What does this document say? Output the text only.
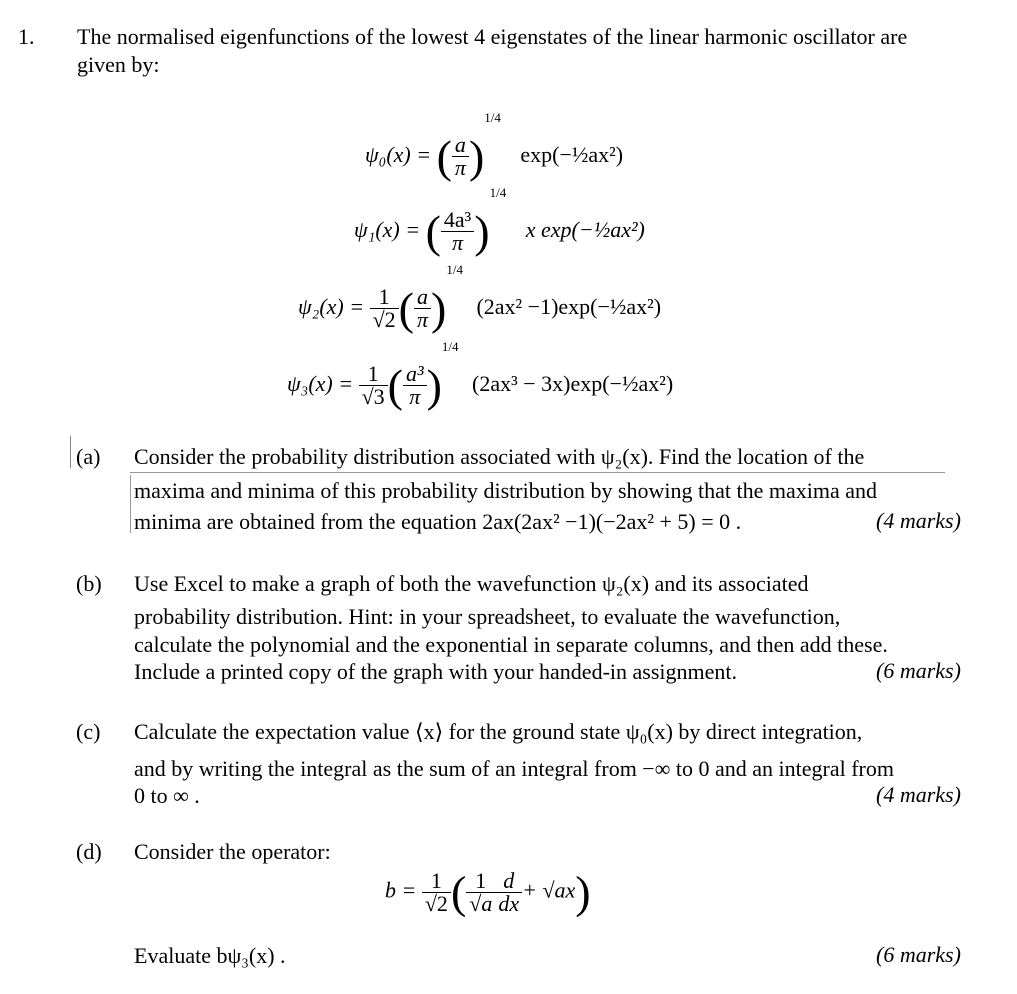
1. The normalised eigenfunctions of the lowest 4 eigenstates of the linear harmonic oscillator are
given by:
ψ₀(x) = ( $\frac{a}{\pi} )^{1/4}$ exp(−½ax²)
ψ₁(x) = ( $\frac{\text{4a³}}{\pi} )^{1/4}$ x exp(−½ax²)
$\psi_2(x) = \frac{1}{√2}$ ( $\frac{a}{\pi} )^{1/4}$ (2ax² −1)exp(−½ax²)
$\psi_3(x) = \frac{1}{√3}$ ( $\frac{\text{a³}}{\pi} )^{1/4}$ (2ax³ − 3x)exp(−½ax²)
(a) Consider the probability distribution associated with ψ₂(x). Find the location of the
maxima and minima of this probability distribution by showing that the maxima and
minima are obtained from the equation 2ax(2ax² −1)(−2ax² + 5) = 0 .	(4 marks)
(b) Use Excel to make a graph of both the wavefunction ψ₂(x) and its associated
probability distribution. Hint: in your spreadsheet, to evaluate the wavefunction,
calculate the polynomial and the exponential in separate columns, and then add these.
Include a printed copy of the graph with your handed-in assignment.	(6 marks)
(c) Calculate the expectation value ⟨x⟩ for the ground state ψ₀(x) by direct integration,
and by writing the integral as the sum of an integral from −∞ to 0 and an integral from
0 to ∞ .	(4 marks)
(d) Consider the operator:
$b = \frac{1}{√2}$ ( $\frac{1}{√a} \frac{d}{dx} + √ax$)
Evaluate bψ₃(x) .	(6 marks)
